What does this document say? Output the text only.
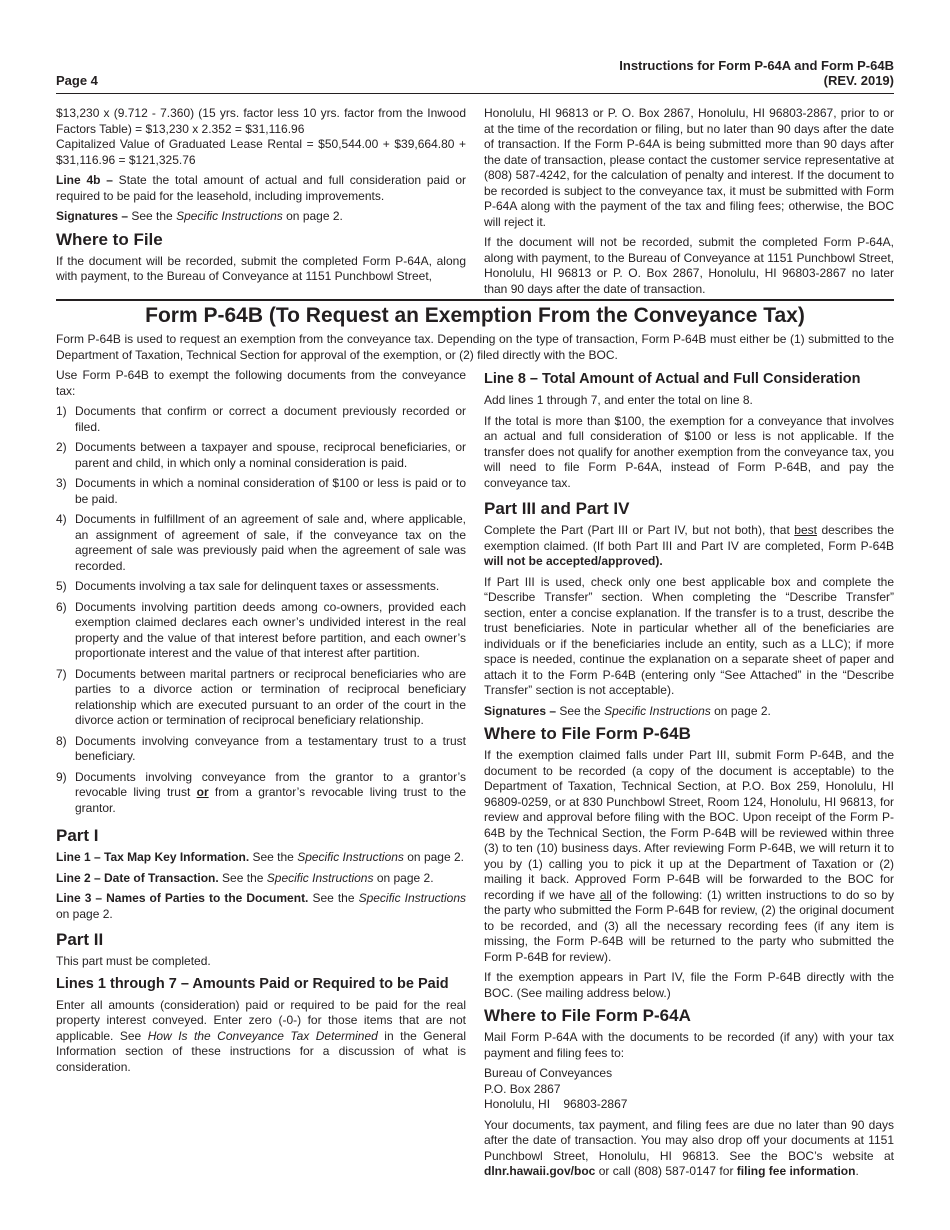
Page 4
Instructions for Form P-64A and Form P-64B
(REV. 2019)

$13,230 x (9.712 - 7.360) (15 yrs. factor less 10 yrs. factor from the Inwood Factors Table) = $13,230 x 2.352 = $31,116.96

Capitalized Value of Graduated Lease Rental = $50,544.00 + $39,664.80 + $31,116.96 = $121,325.76

Line 4b – State the total amount of actual and full consideration paid or required to be paid for the leasehold, including improvements.

Signatures – See the Specific Instructions on page 2.

Where to File

If the document will be recorded, submit the completed Form P-64A, along with payment, to the Bureau of Conveyance at 1151 Punchbowl Street,

Honolulu, HI 96813 or P. O. Box 2867, Honolulu, HI 96803-2867, prior to or at the time of the recordation or filing, but no later than 90 days after the date of transaction. If the Form P-64A is being submitted more than 90 days after the date of transaction, please contact the customer service representative at (808) 587-4242, for the calculation of penalty and interest. If the document to be recorded is subject to the conveyance tax, it must be submitted with Form P-64A along with the payment of the tax and filing fees; otherwise, the BOC will reject it.

If the document will not be recorded, submit the completed Form P-64A, along with payment, to the Bureau of Conveyance at 1151 Punchbowl Street, Honolulu, HI 96813 or P. O. Box 2867, Honolulu, HI 96803-2867 no later than 90 days after the date of transaction.

Form P-64B (To Request an Exemption From the Conveyance Tax)
Form P-64B is used to request an exemption from the conveyance tax. Depending on the type of transaction, Form P-64B must either be (1) submitted to the Department of Taxation, Technical Section for approval of the exemption, or (2) filed directly with the BOC.

Use Form P-64B to exempt the following documents from the conveyance tax:

1) Documents that confirm or correct a document previously recorded or filed.
2) Documents between a taxpayer and spouse, reciprocal beneficiaries, or parent and child, in which only a nominal consideration is paid.
3) Documents in which a nominal consideration of $100 or less is paid or to be paid.
4) Documents in fulfillment of an agreement of sale and, where applicable, an assignment of agreement of sale, if the conveyance tax on the agreement of sale was previously paid when the agreement of sale was recorded.
5) Documents involving a tax sale for delinquent taxes or assessments.
6) Documents involving partition deeds among co-owners, provided each exemption claimed declares each owner’s undivided interest in the real property and the value of that interest before partition, and each owner’s proportionate interest and the value of that interest after partition.
7) Documents between marital partners or reciprocal beneficiaries who are parties to a divorce action or termination of reciprocal beneficiary relationship which are executed pursuant to an order of the court in the divorce action or termination of reciprocal beneficiary relationship.
8) Documents involving conveyance from a testamentary trust to a trust beneficiary.
9) Documents involving conveyance from the grantor to a grantor’s revocable living trust or from a grantor’s revocable living trust to the grantor.
Part I

Line 1 – Tax Map Key Information. See the Specific Instructions on page 2.

Line 2 – Date of Transaction. See the Specific Instructions on page 2.

Line 3 – Names of Parties to the Document. See the Specific Instructions on page 2.

Part II

This part must be completed.

Lines 1 through 7 – Amounts Paid or Required to be Paid

Enter all amounts (consideration) paid or required to be paid for the real property interest conveyed. Enter zero (-0-) for those items that are not applicable. See How Is the Conveyance Tax Determined in the General Information section of these instructions for a discussion of what is consideration.

Line 8 – Total Amount of Actual and Full Consideration

Add lines 1 through 7, and enter the total on line 8.

If the total is more than $100, the exemption for a conveyance that involves an actual and full consideration of $100 or less is not applicable. If the transfer does not qualify for another exemption from the conveyance tax, you will need to file Form P-64A, instead of Form P-64B, and pay the conveyance tax.

Part III and Part IV

Complete the Part (Part III or Part IV, but not both), that best describes the exemption claimed. (If both Part III and Part IV are completed, Form P-64B will not be accepted/approved).

If Part III is used, check only one best applicable box and complete the “Describe Transfer” section. When completing the “Describe Transfer” section, enter a concise explanation. If the transfer is to a trust, describe the trust beneficiaries. Note in particular whether all of the beneficiaries are individuals or if the beneficiaries include an entity, such as a LLC); if more space is needed, continue the explanation on a separate sheet of paper and attach it to the Form P-64B (entering only “See Attached” in the “Describe Transfer” section is not acceptable).

Signatures – See the Specific Instructions on page 2.

Where to File Form P-64B

If the exemption claimed falls under Part III, submit Form P-64B, and the document to be recorded (a copy of the document is acceptable) to the Department of Taxation, Technical Section, at P.O. Box 259, Honolulu, HI 96809-0259, or at 830 Punchbowl Street, Room 124, Honolulu, HI 96813, for review and approval before filing with the BOC. Upon receipt of the Form P-64B by the Technical Section, the Form P-64B will be reviewed within three (3) to ten (10) business days. After reviewing Form P-64B, we will return it to you by (1) calling you to pick it up at the Department of Taxation or (2) mailing it back. Approved Form P-64B will be forwarded to the BOC for recording if we have all of the following: (1) written instructions to do so by the party who submitted the Form P-64B for review, (2) the original document to be recorded, and (3) all the necessary recording fees (if any item is missing, the Form P-64B will be returned to the party who submitted the Form P-64B for review).

If the exemption appears in Part IV, file the Form P-64B directly with the BOC. (See mailing address below.)

Where to File Form P-64A

Mail Form P-64A with the documents to be recorded (if any) with your tax payment and filing fees to:

Bureau of Conveyances
P.O. Box 2867
Honolulu, HI    96803-2867

Your documents, tax payment, and filing fees are due no later than 90 days after the date of transaction. You may also drop off your documents at 1151 Punchbowl Street, Honolulu, HI 96813. See the BOC’s website at dlnr.hawaii.gov/boc or call (808) 587-0147 for filing fee information.
